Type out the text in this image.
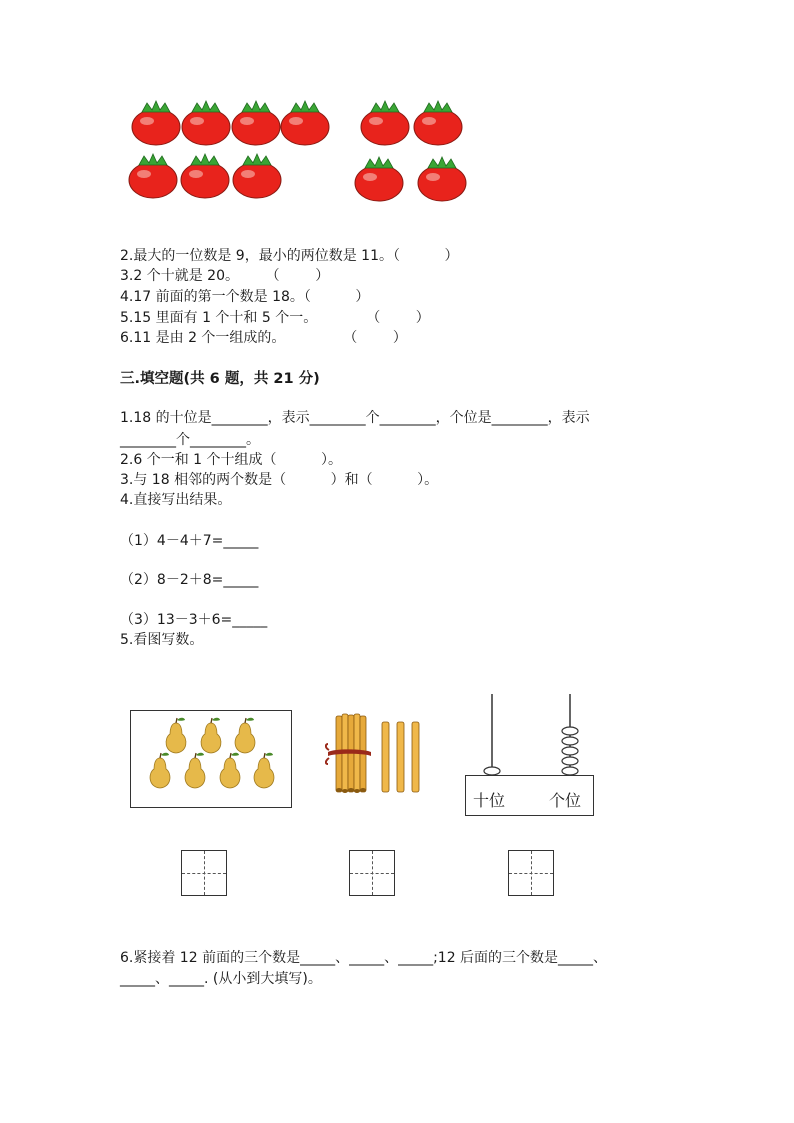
2.最大的一位数是 9，最小的两位数是 11。（          ）
3.2 个十就是 20。      （        ）
4.17 前面的第一个数是 18。（          ）
5.15 里面有 1 个十和 5 个一。           （        ）
6.11 是由 2 个一组成的。             （        ）
三.填空题(共 6 题，共 21 分)
1.18 的十位是________，表示________个________，个位是________，表示
________个________。
2.6 个一和 1 个十组成（          ）。
3.与 18 相邻的两个数是（          ）和（          ）。
4.直接写出结果。
（1）4－4＋7=_____
（2）8－2＋8=_____
（3）13－3＋6=_____
5.看图写数。
十位	个位
6.紧接着 12 前面的三个数是_____、_____、_____;12 后面的三个数是_____、
_____、_____. (从小到大填写)。
